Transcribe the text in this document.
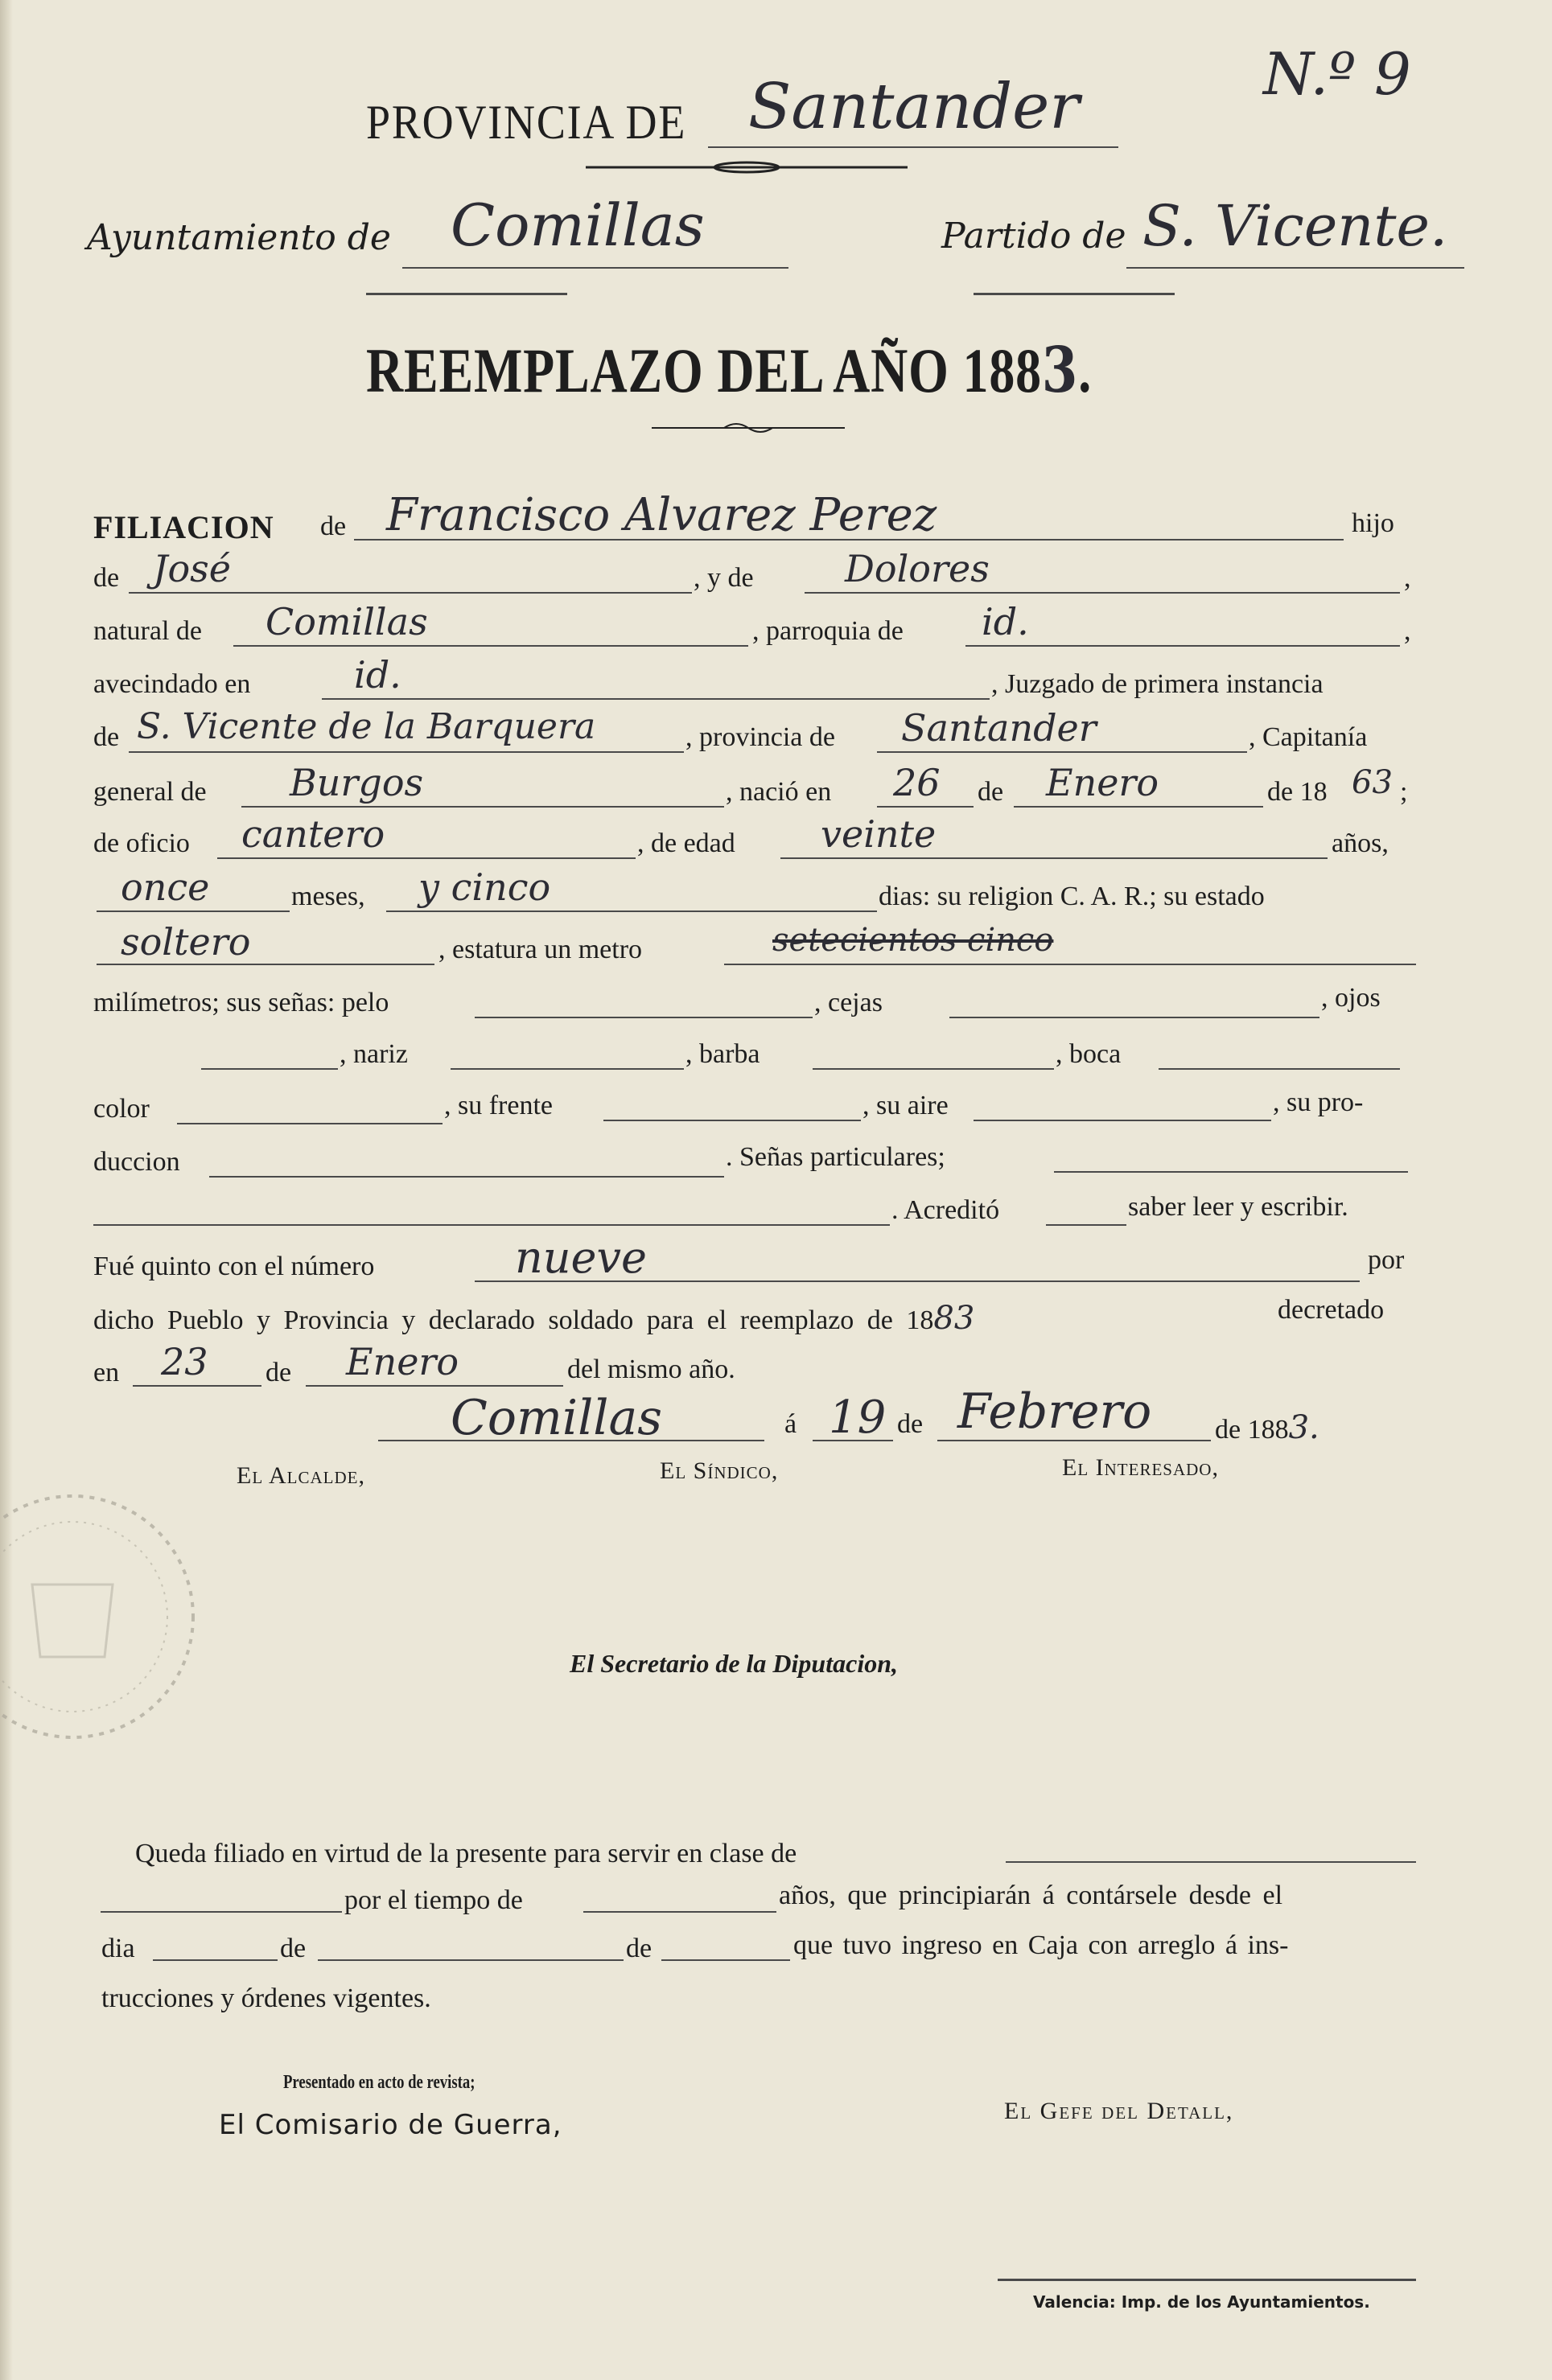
PROVINCIA DE Santander	N.º 9
Ayuntamiento de Comillas	Partido de S. Vicente.
REEMPLAZO DEL AÑO 1883.
FILIACION de Francisco Alvarez Perez	hijo
de José	, y de Dolores	,
natural de Comillas	, parroquia de id.	,
avecindado en	id.	, Juzgado de primera instancia
de S. Vicente de la Barquera	, provincia de Santander	, Capitanía
general de Burgos	, nació en 26 de Enero	de 18 63 ;
de oficio cantero	, de edad veinte	años,
once	meses, y cinco	dias: su religion C. A. R.; su estado
soltero	, estatura un metro	setecientos cinco
milímetros; sus señas: pelo	, cejas	, ojos
, nariz	, barba	, boca
color	, su frente	, su aire	, su pro-
duccion	. Señas particulares;
. Acreditó	saber leer y escribir.
Fué quinto con el número	nueve	por
dicho Pueblo y Provincia y declarado soldado para el reemplazo de 1883	decretado
en 23 de Enero	del mismo año.
Comillas	á 19 de Febrero de 1883.
El Alcalde,	El Síndico,	El Interesado,
El Secretario de la Diputacion,
Queda filiado en virtud de la presente para servir en clase de
por el tiempo de	años, que principiarán á contársele desde el
dia	de	de	que tuvo ingreso en Caja con arreglo á ins-
trucciones y órdenes vigentes.
Presentado en acto de revista;
El Comisario de Guerra,	El Gefe del Detall,
Valencia: Imp. de los Ayuntamientos.
